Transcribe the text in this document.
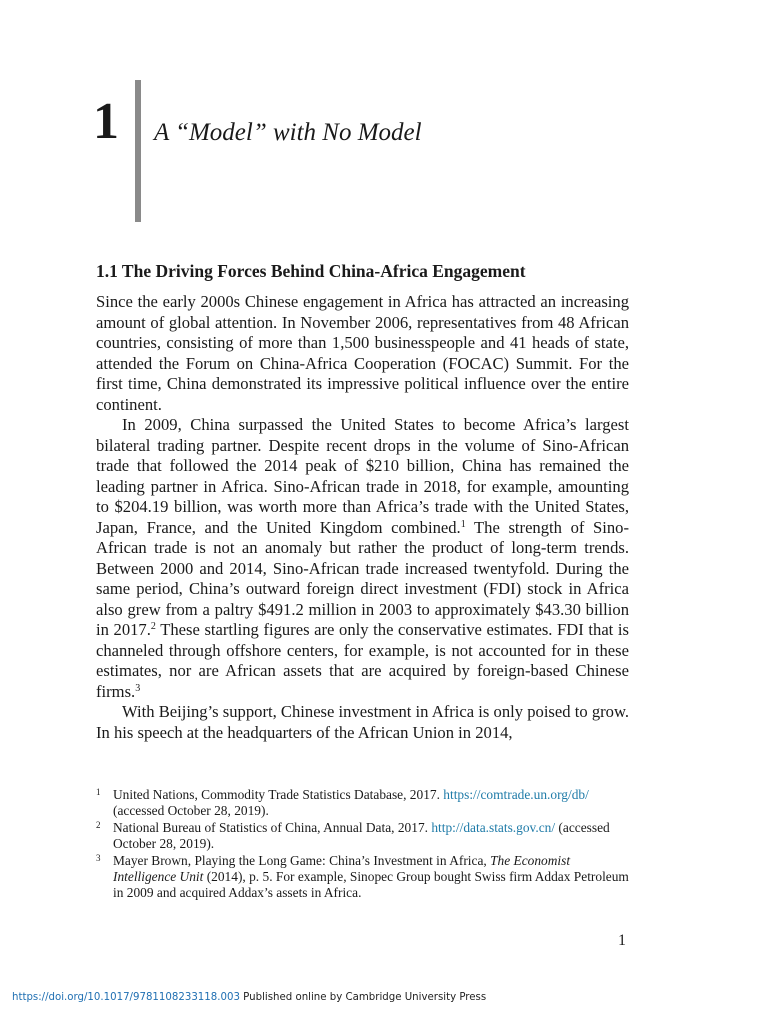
1 A “Model” with No Model
1.1 The Driving Forces Behind China-Africa Engagement

Since the early 2000s Chinese engagement in Africa has attracted an increasing amount of global attention. In November 2006, representatives from 48 African countries, consisting of more than 1,500 businesspeople and 41 heads of state, attended the Forum on China-Africa Cooperation (FOCAC) Summit. For the first time, China demonstrated its impressive political influence over the entire continent.

In 2009, China surpassed the United States to become Africa’s largest bilateral trading partner. Despite recent drops in the volume of Sino-African trade that followed the 2014 peak of $210 billion, China has remained the leading partner in Africa. Sino-African trade in 2018, for example, amounting to $204.19 billion, was worth more than Africa’s trade with the United States, Japan, France, and the United Kingdom combined.$^1$ The strength of Sino-African trade is not an anomaly but rather the product of long-term trends. Between 2000 and 2014, Sino-African trade increased twentyfold. During the same period, China’s outward foreign direct investment (FDI) stock in Africa also grew from a paltry $491.2 million in 2003 to approximately $43.30 billion in 2017.$^2$ These startling figures are only the conservative estimates. FDI that is channeled through offshore centers, for example, is not accounted for in these estimates, nor are African assets that are acquired by foreign-based Chinese firms.$^3$

With Beijing’s support, Chinese investment in Africa is only poised to grow. In his speech at the headquarters of the African Union in 2014,

1 United Nations, Commodity Trade Statistics Database, 2017. https://comtrade.un.org/db/ (accessed October 28, 2019).
2 National Bureau of Statistics of China, Annual Data, 2017. http://data.stats.gov.cn/ (accessed October 28, 2019).
3 Mayer Brown, Playing the Long Game: China’s Investment in Africa, The Economist Intelligence Unit (2014), p. 5. For example, Sinopec Group bought Swiss firm Addax Petroleum in 2009 and acquired Addax’s assets in Africa.
1
https://doi.org/10.1017/9781108233118.003 Published online by Cambridge University Press
